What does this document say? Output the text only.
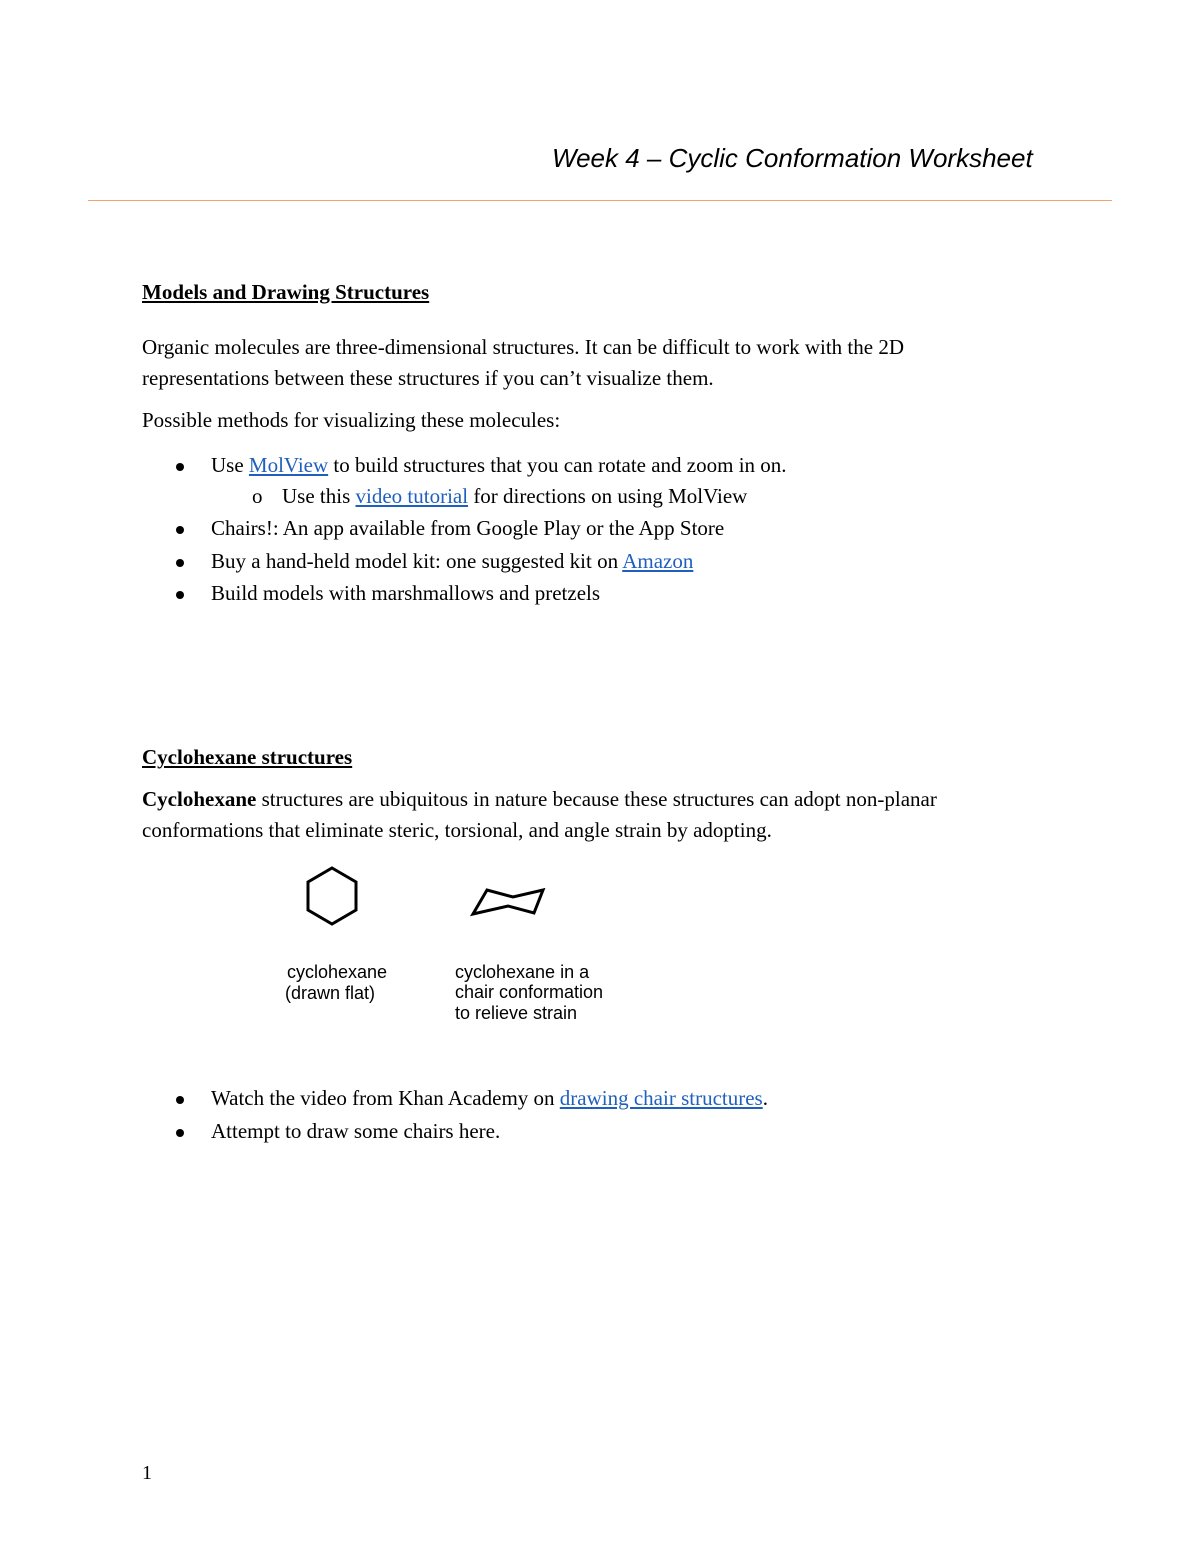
Week 4 – Cyclic Conformation Worksheet
Models and Drawing Structures
Organic molecules are three-dimensional structures. It can be difficult to work with the 2D
representations between these structures if you can’t visualize them.
Possible methods for visualizing these molecules:
Use MolView to build structures that you can rotate and zoom in on.
o Use this video tutorial for directions on using MolView
Chairs!: An app available from Google Play or the App Store
Buy a hand-held model kit: one suggested kit on Amazon
Build models with marshmallows and pretzels
Cyclohexane structures
Cyclohexane structures are ubiquitous in nature because these structures can adopt non-planar
conformations that eliminate steric, torsional, and angle strain by adopting.
cyclohexane
(drawn flat)
cyclohexane in a
chair conformation
to relieve strain
Watch the video from Khan Academy on drawing chair structures.
Attempt to draw some chairs here.
1
